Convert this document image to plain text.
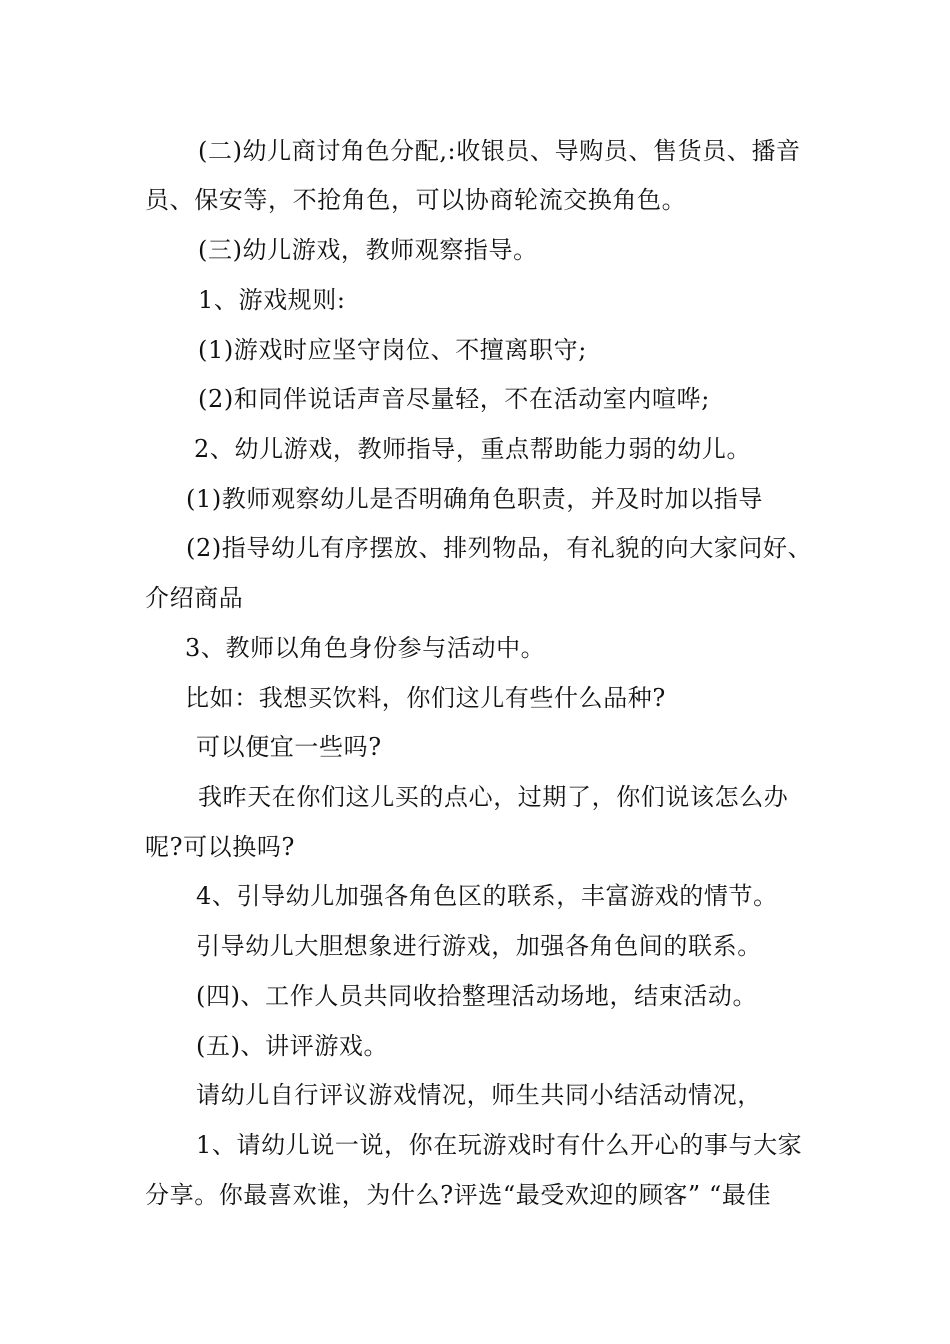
(二)幼儿商讨角色分配,:收银员、导购员、售货员、播音
员、保安等，不抢角色，可以协商轮流交换角色。
(三)幼儿游戏，教师观察指导。
1、游戏规则:
(1)游戏时应坚守岗位、不擅离职守;
(2)和同伴说话声音尽量轻，不在活动室内喧哗;
2、幼儿游戏，教师指导，重点帮助能力弱的幼儿。
(1)教师观察幼儿是否明确角色职责，并及时加以指导
(2)指导幼儿有序摆放、排列物品，有礼貌的向大家问好、
介绍商品
3、教师以角色身份参与活动中。
比如：我想买饮料，你们这儿有些什么品种?
可以便宜一些吗?
我昨天在你们这儿买的点心，过期了，你们说该怎么办
呢?可以换吗?
4、引导幼儿加强各角色区的联系，丰富游戏的情节。
引导幼儿大胆想象进行游戏，加强各角色间的联系。
(四)、工作人员共同收拾整理活动场地，结束活动。
(五)、讲评游戏。
请幼儿自行评议游戏情况，师生共同小结活动情况，
1、请幼儿说一说，你在玩游戏时有什么开心的事与大家
分享。你最喜欢谁，为什么?评选“最受欢迎的顾客” “最佳
